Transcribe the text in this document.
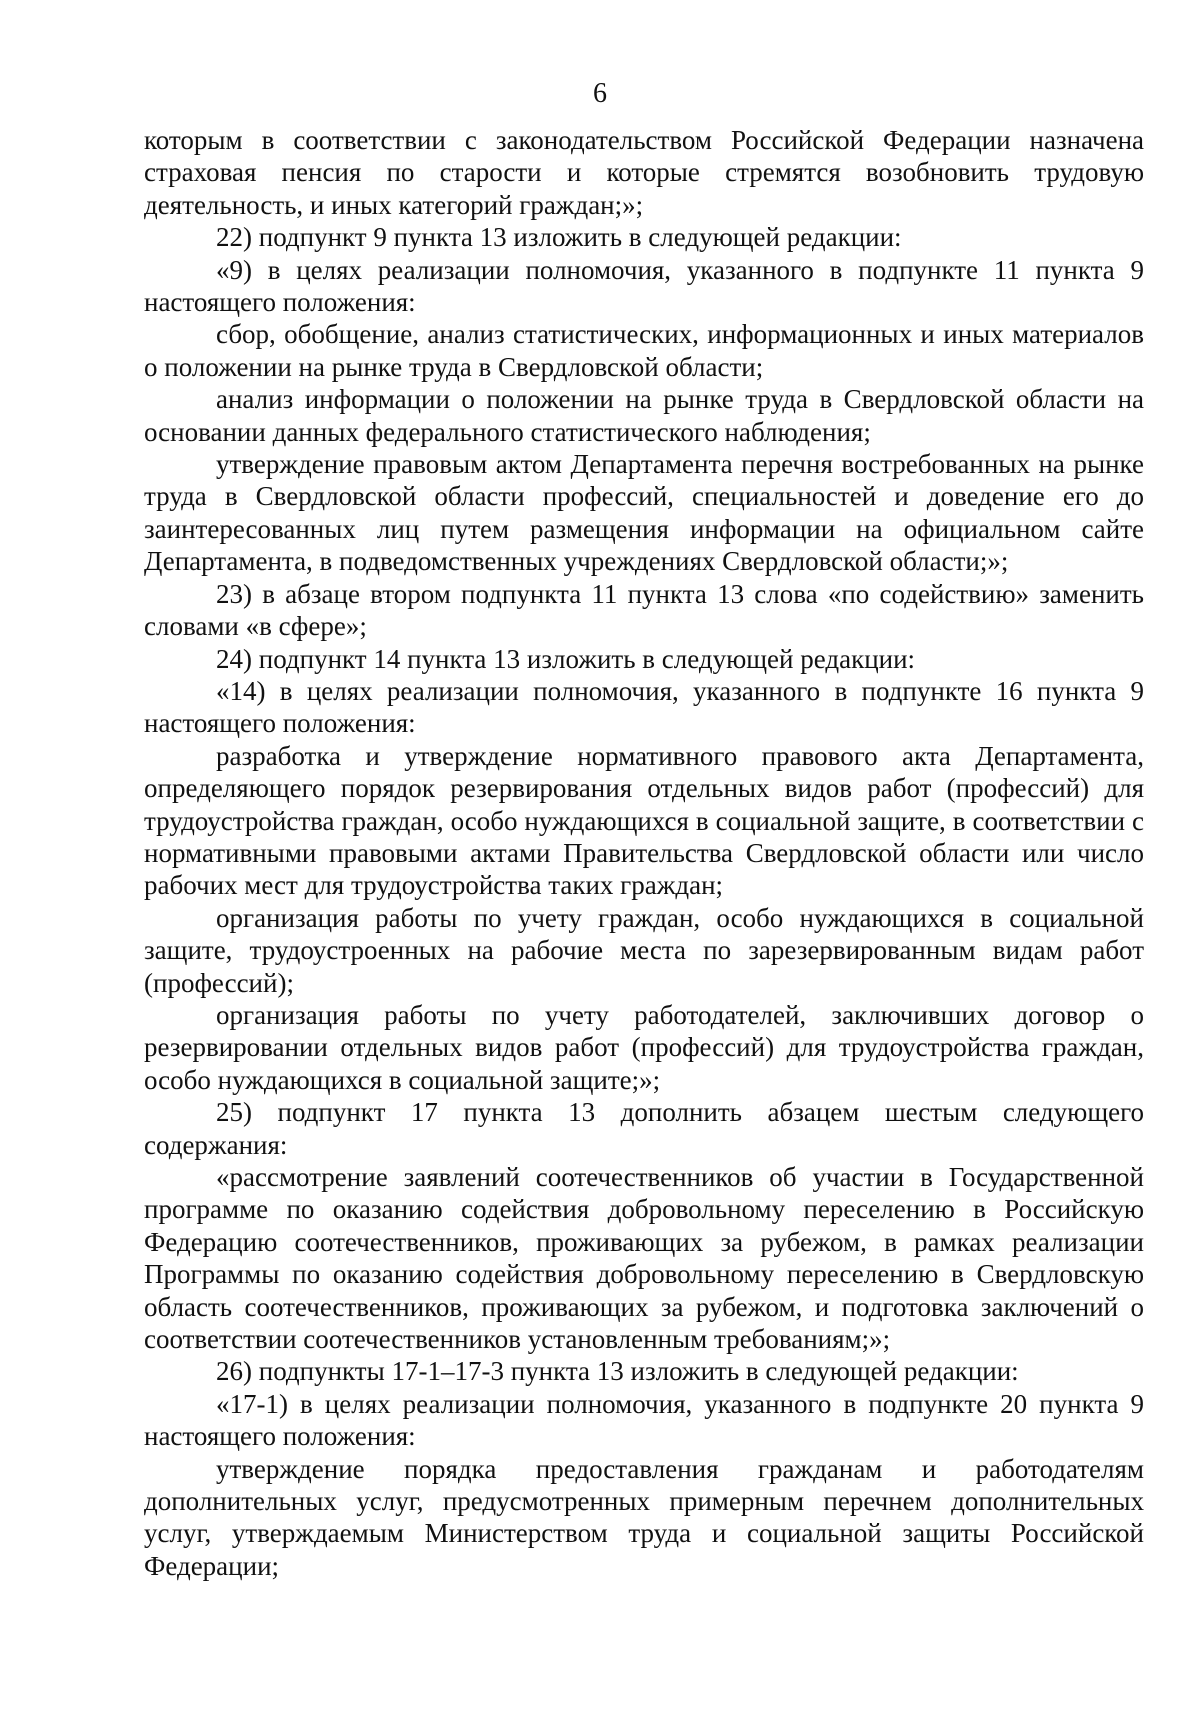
6

которым в соответствии с законодательством Российской Федерации назначена страховая пенсия по старости и которые стремятся возобновить трудовую деятельность, и иных категорий граждан;»;

22) подпункт 9 пункта 13 изложить в следующей редакции:

«9) в целях реализации полномочия, указанного в подпункте 11 пункта 9 настоящего положения:

сбор, обобщение, анализ статистических, информационных и иных материалов о положении на рынке труда в Свердловской области;

анализ информации о положении на рынке труда в Свердловской области на основании данных федерального статистического наблюдения;

утверждение правовым актом Департамента перечня востребованных на рынке труда в Свердловской области профессий, специальностей и доведение его до заинтересованных лиц путем размещения информации на официальном сайте Департамента, в подведомственных учреждениях Свердловской области;»;

23) в абзаце втором подпункта 11 пункта 13 слова «по содействию» заменить словами «в сфере»;

24) подпункт 14 пункта 13 изложить в следующей редакции:

«14) в целях реализации полномочия, указанного в подпункте 16 пункта 9 настоящего положения:

разработка и утверждение нормативного правового акта Департамента, определяющего порядок резервирования отдельных видов работ (профессий) для трудоустройства граждан, особо нуждающихся в социальной защите, в соответствии с нормативными правовыми актами Правительства Свердловской области или число рабочих мест для трудоустройства таких граждан;

организация работы по учету граждан, особо нуждающихся в социальной защите, трудоустроенных на рабочие места по зарезервированным видам работ (профессий);

организация работы по учету работодателей, заключивших договор о резервировании отдельных видов работ (профессий) для трудоустройства граждан, особо нуждающихся в социальной защите;»;

25) подпункт 17 пункта 13 дополнить абзацем шестым следующего содержания:

«рассмотрение заявлений соотечественников об участии в Государственной программе по оказанию содействия добровольному переселению в Российскую Федерацию соотечественников, проживающих за рубежом, в рамках реализации Программы по оказанию содействия добровольному переселению в Свердловскую область соотечественников, проживающих за рубежом, и подготовка заключений о соответствии соотечественников установленным требованиям;»;

26) подпункты 17-1–17-3 пункта 13 изложить в следующей редакции:

«17-1) в целях реализации полномочия, указанного в подпункте 20 пункта 9 настоящего положения:

утверждение порядка предоставления гражданам и работодателям дополнительных услуг, предусмотренных примерным перечнем дополнительных услуг, утверждаемым Министерством труда и социальной защиты Российской Федерации;
